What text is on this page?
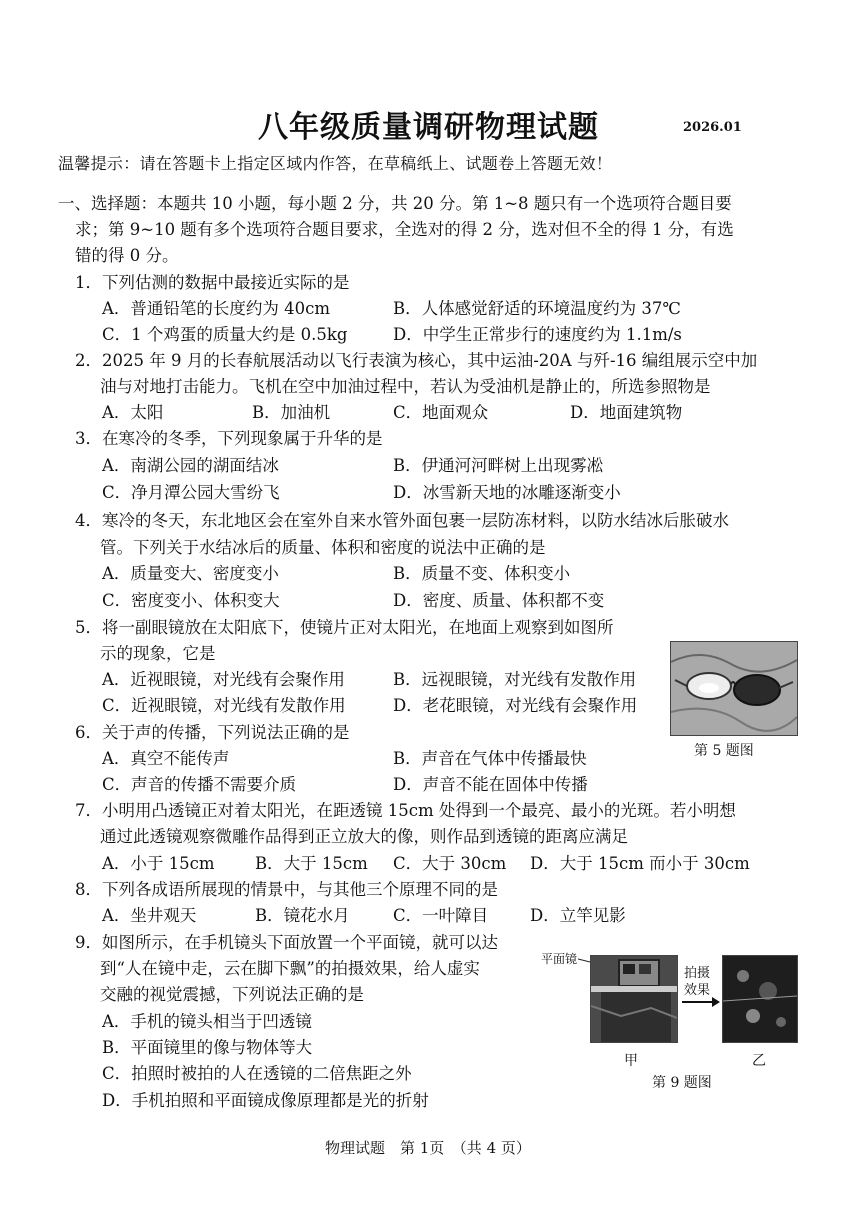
八年级质量调研物理试题	2026.01
温馨提示：请在答题卡上指定区域内作答，在草稿纸上、试题卷上答题无效！
一、选择题：本题共 10 小题，每小题 2 分，共 20 分。第 1~8 题只有一个选项符合题目要
求；第 9~10 题有多个选项符合题目要求，全选对的得 2 分，选对但不全的得 1 分，有选
错的得 0 分。
1．下列估测的数据中最接近实际的是
A．普通铅笔的长度约为 40cm	B．人体感觉舒适的环境温度约为 37℃
C．1 个鸡蛋的质量大约是 0.5kg	D．中学生正常步行的速度约为 1.1m/s
2．2025 年 9 月的长春航展活动以飞行表演为核心，其中运油-20A 与歼-16 编组展示空中加
油与对地打击能力。飞机在空中加油过程中，若认为受油机是静止的，所选参照物是
A．太阳	B．加油机	C．地面观众	D．地面建筑物
3．在寒冷的冬季，下列现象属于升华的是
A．南湖公园的湖面结冰	B．伊通河河畔树上出现雾凇
C．净月潭公园大雪纷飞	D．冰雪新天地的冰雕逐渐变小
4．寒冷的冬天，东北地区会在室外自来水管外面包裹一层防冻材料，以防水结冰后胀破水
管。下列关于水结冰后的质量、体积和密度的说法中正确的是
A．质量变大、密度变小	B．质量不变、体积变小
C．密度变小、体积变大	D．密度、质量、体积都不变
5．将一副眼镜放在太阳底下，使镜片正对太阳光，在地面上观察到如图所
示的现象，它是
A．近视眼镜，对光线有会聚作用	B．远视眼镜，对光线有发散作用
C．近视眼镜，对光线有发散作用	D．老花眼镜，对光线有会聚作用
第 5 题图
6．关于声的传播，下列说法正确的是
A．真空不能传声	B．声音在气体中传播最快
C．声音的传播不需要介质	D．声音不能在固体中传播
7．小明用凸透镜正对着太阳光，在距透镜 15cm 处得到一个最亮、最小的光斑。若小明想
通过此透镜观察微雕作品得到正立放大的像，则作品到透镜的距离应满足
A．小于 15cm B．大于 15cm C．大于 30cm D．大于 15cm 而小于 30cm
8．下列各成语所展现的情景中，与其他三个原理不同的是
A．坐井观天	B．镜花水月	C．一叶障目	D．立竿见影
9．如图所示，在手机镜头下面放置一个平面镜，就可以达
到“人在镜中走，云在脚下飘”的拍摄效果，给人虚实
交融的视觉震撼，下列说法正确的是
A．手机的镜头相当于凹透镜
B．平面镜里的像与物体等大
C．拍照时被拍的人在透镜的二倍焦距之外
D．手机拍照和平面镜成像原理都是光的折射
平面镜
拍摄
效果
甲	乙
第 9 题图
物理试题　第 1页　（共 4 页）
